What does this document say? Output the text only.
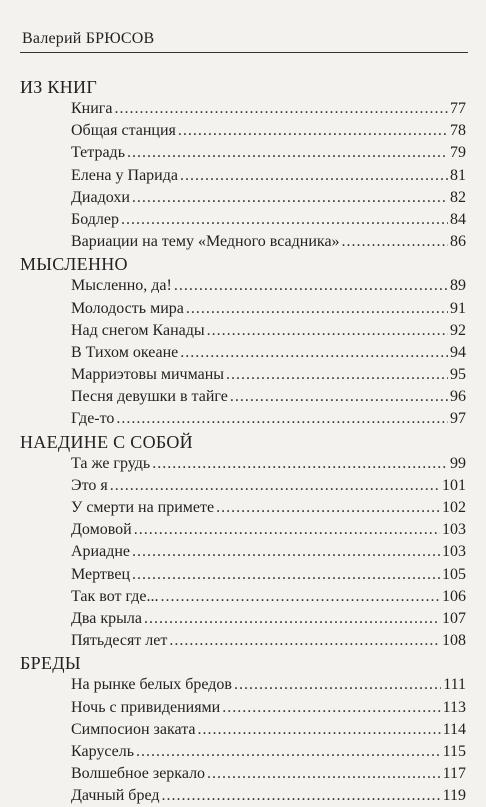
Валерий БРЮСОВ
ИЗ КНИГ
Книга . . .	77
Общая станция . . .	78
Тетрадь . . .	79
Елена у Парида . . .	81
Диадохи . . .	82
Бодлер . . .	84
Вариации на тему «Медного всадника» . . .	86
МЫСЛЕННО
Мысленно, да! . . .	89
Молодость мира . . .	91
Над снегом Канады . . .	92
В Тихом океане . . .	94
Марриэтовы мичманы . . .	95
Песня девушки в тайге . . .	96
Где-то . . .	97
НАЕДИНЕ С СОБОЙ
Та же грудь . . .	99
Это я . . .	101
У смерти на примете . . .	102
Домовой . . .	103
Ариадне . . .	103
Мертвец . . .	105
Так вот где... . . .	106
Два крыла . . .	107
Пятьдесят лет . . .	108
БРЕДЫ
На рынке белых бредов . . .	111
Ночь с привидениями . . .	113
Симпосион заката . . .	114
Карусель . . .	115
Волшебное зеркало . . .	117
Дачный бред . . .	119
